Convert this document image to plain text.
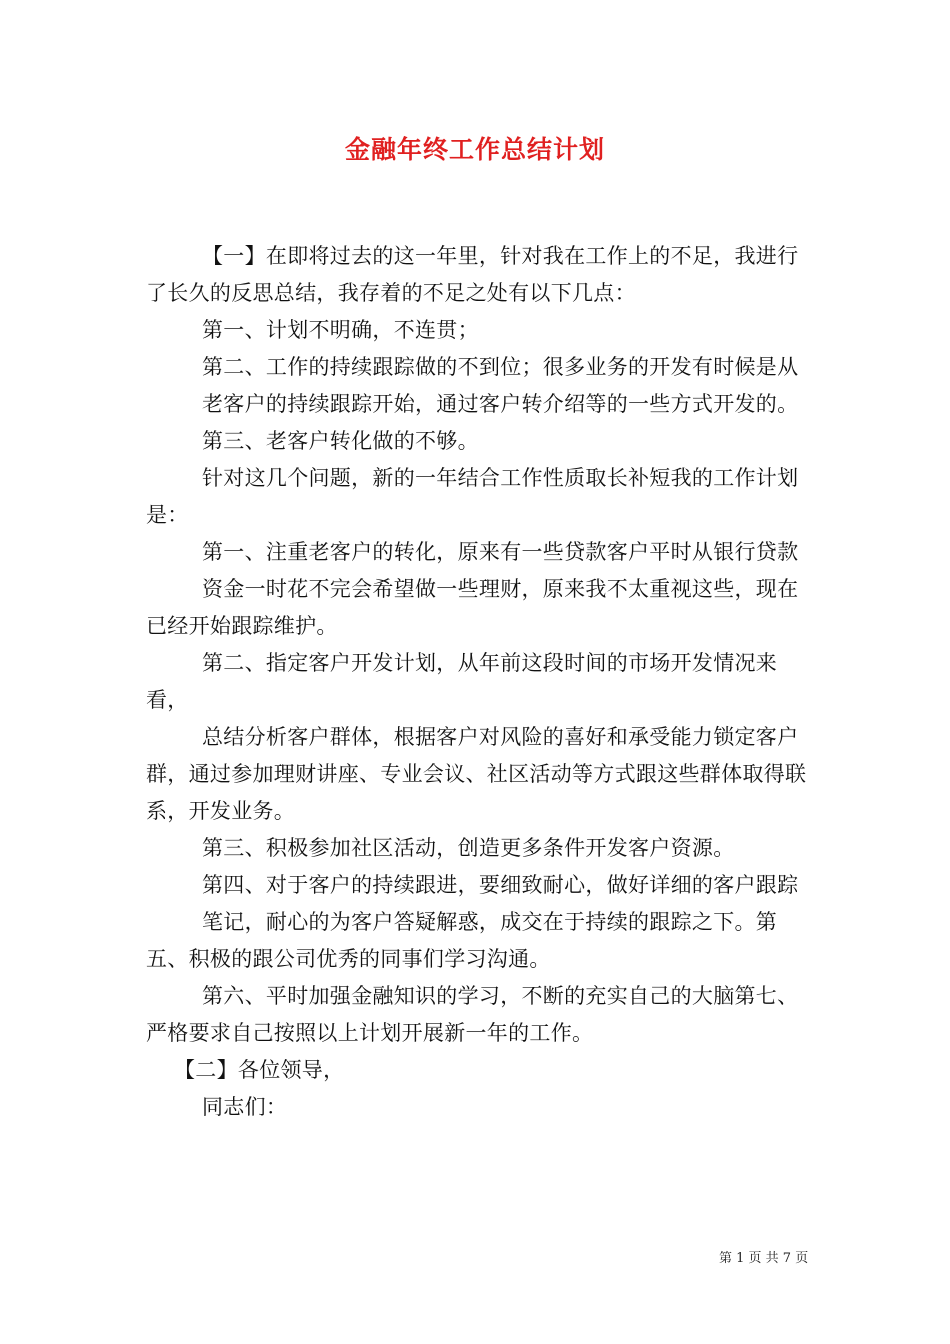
金融年终工作总结计划

【一】在即将过去的这一年里，针对我在工作上的不足，我进行了长久的反思总结，我存着的不足之处有以下几点：

第一、计划不明确，不连贯；

第二、工作的持续跟踪做的不到位；很多业务的开发有时候是从

老客户的持续跟踪开始，通过客户转介绍等的一些方式开发的。

第三、老客户转化做的不够。

针对这几个问题，新的一年结合工作性质取长补短我的工作计划是：

第一、注重老客户的转化，原来有一些贷款客户平时从银行贷款

资金一时花不完会希望做一些理财，原来我不太重视这些，现在已经开始跟踪维护。

第二、指定客户开发计划，从年前这段时间的市场开发情况来看，

总结分析客户群体，根据客户对风险的喜好和承受能力锁定客户群，通过参加理财讲座、专业会议、社区活动等方式跟这些群体取得联系，开发业务。

第三、积极参加社区活动，创造更多条件开发客户资源。

第四、对于客户的持续跟进，要细致耐心，做好详细的客户跟踪

笔记，耐心的为客户答疑解惑，成交在于持续的跟踪之下。第五、积极的跟公司优秀的同事们学习沟通。

第六、平时加强金融知识的学习，不断的充实自己的大脑第七、严格要求自己按照以上计划开展新一年的工作。

【二】各位领导，

同志们：

第 1 页 共 7 页
